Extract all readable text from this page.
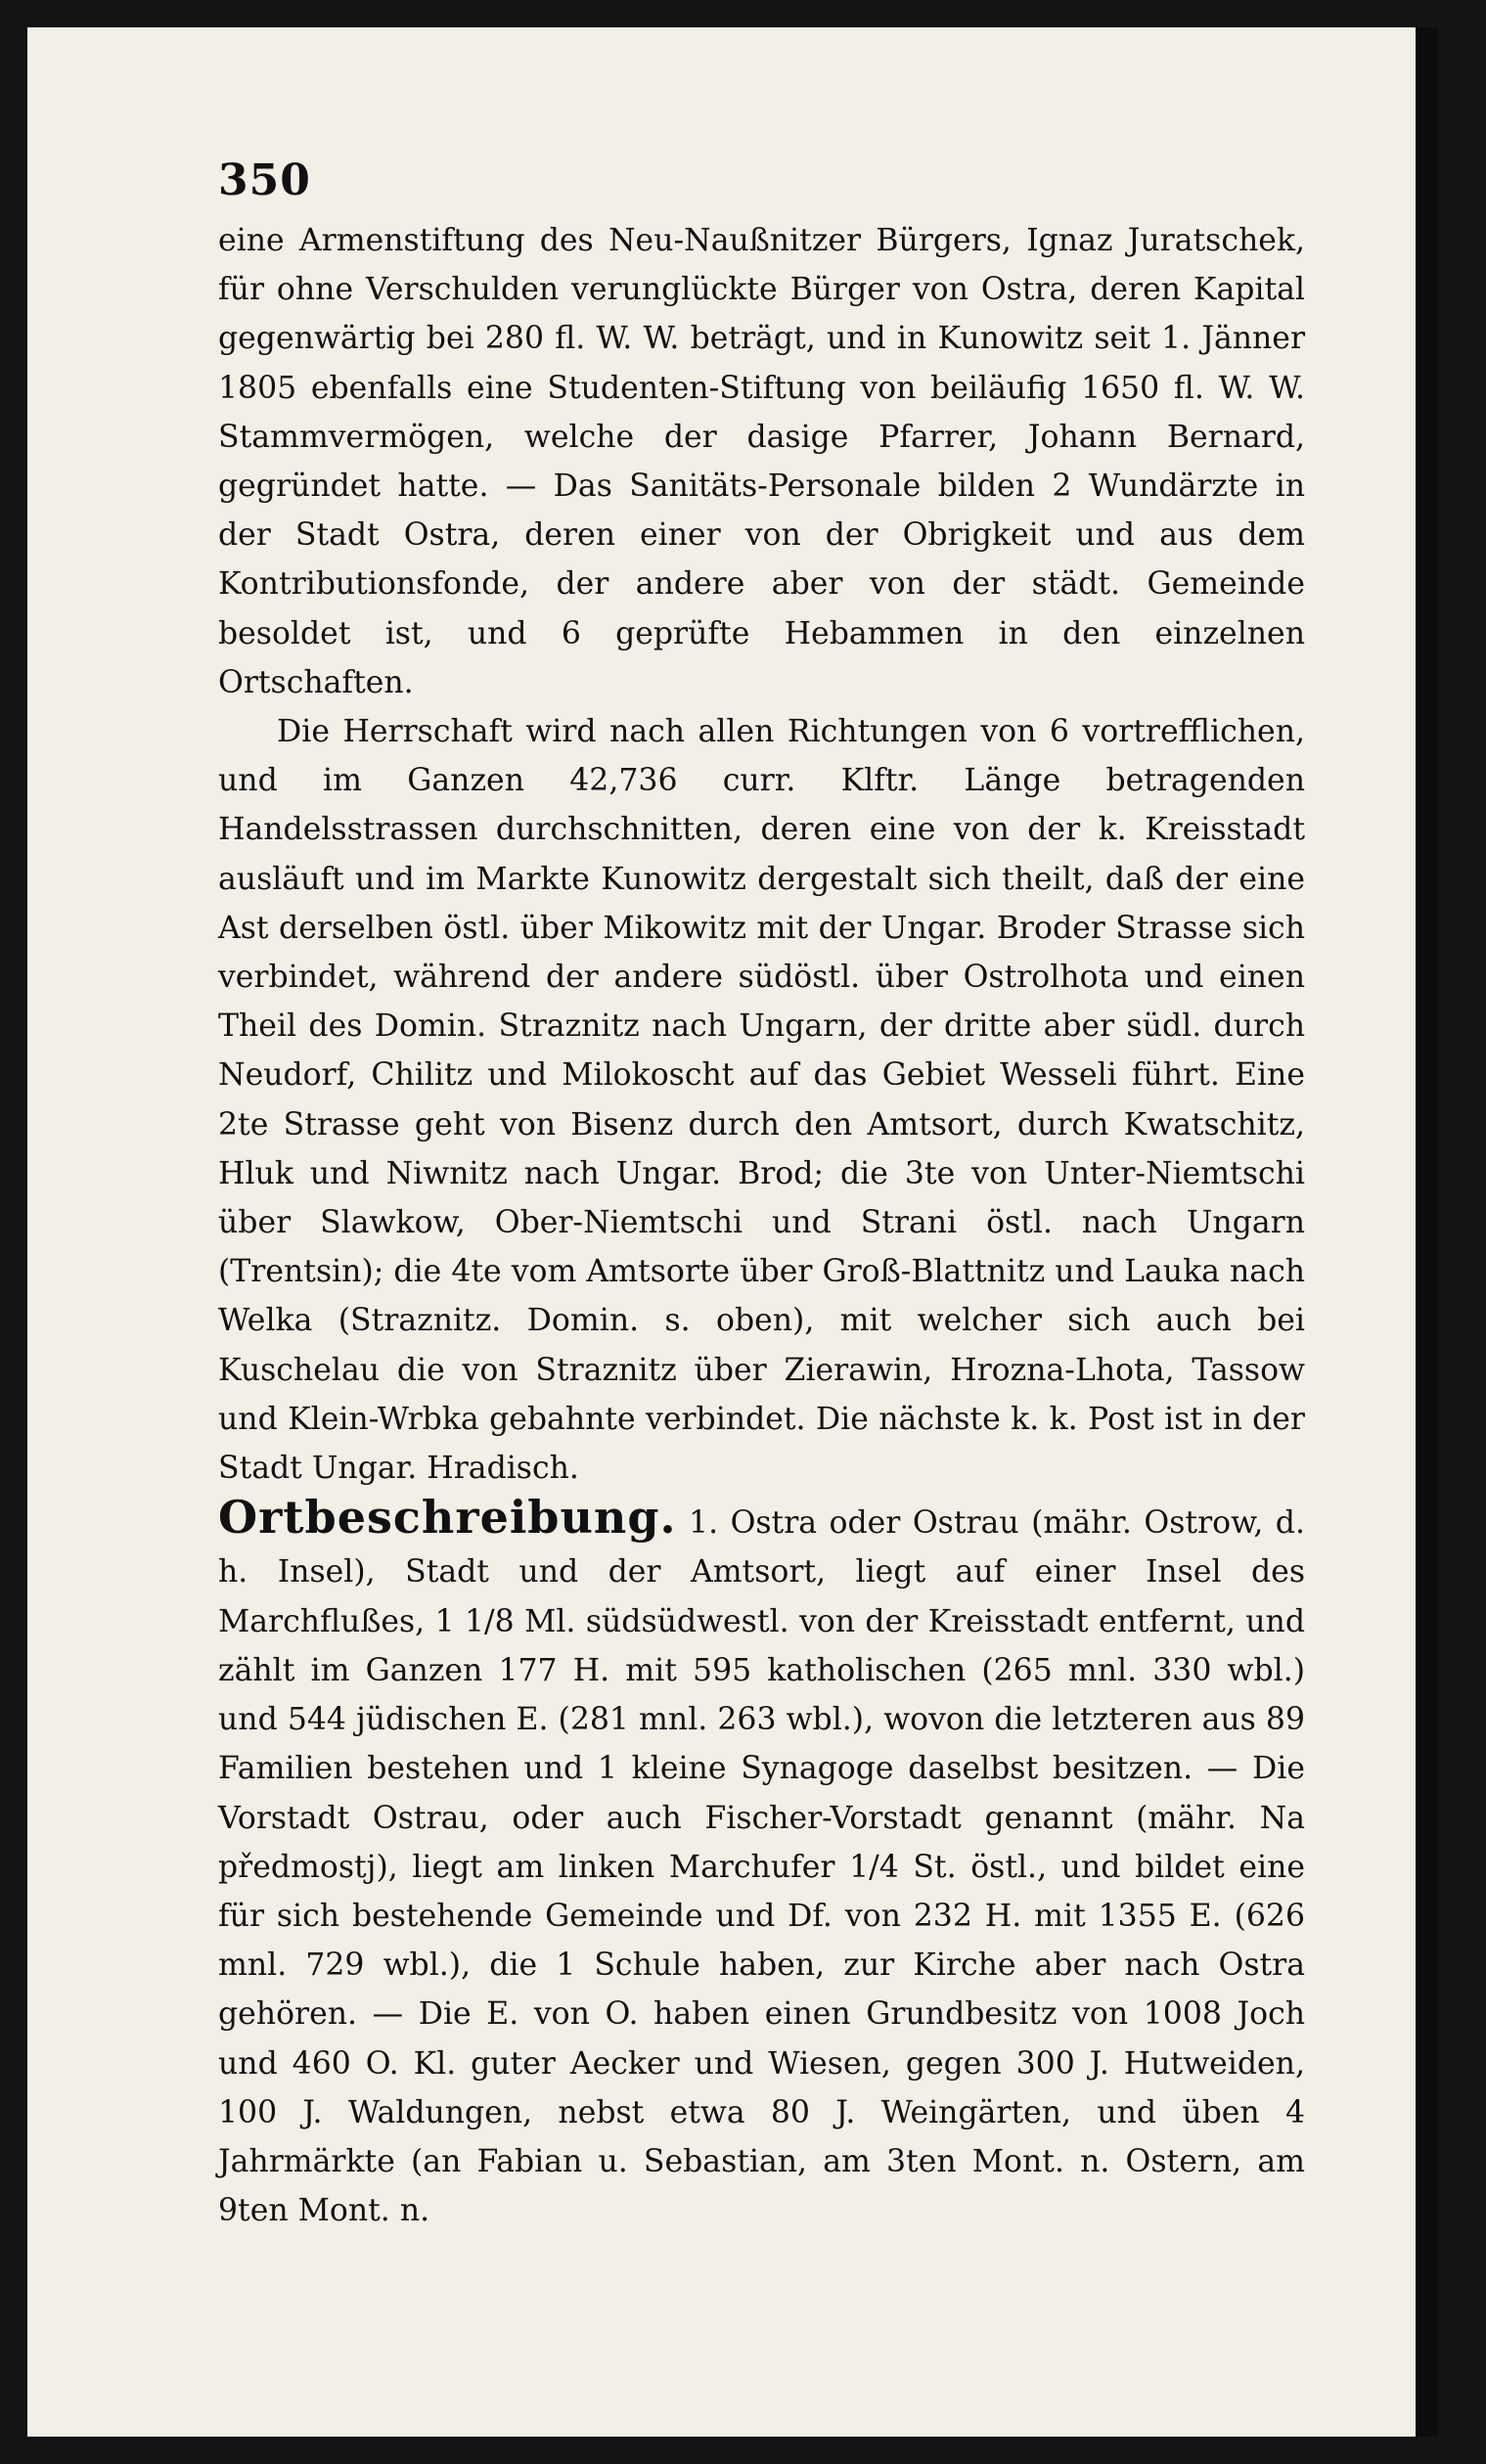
350

eine Armenstiftung des Neu-Naußnitzer Bürgers, Ignaz Juratschek, für ohne Verschulden verunglückte Bürger von Ostra, deren Kapital gegenwärtig bei 280 fl. W. W. beträgt, und in Kunowitz seit 1. Jänner 1805 ebenfalls eine Studenten-Stiftung von beiläufig 1650 fl. W. W. Stammvermögen, welche der dasige Pfarrer, Johann Bernard, gegründet hatte. — Das Sanitäts-Personale bilden 2 Wundärzte in der Stadt Ostra, deren einer von der Obrigkeit und aus dem Kontributionsfonde, der andere aber von der städt. Gemeinde besoldet ist, und 6 geprüfte Hebammen in den einzelnen Ortschaften.

Die Herrschaft wird nach allen Richtungen von 6 vortrefflichen, und im Ganzen 42,736 curr. Klftr. Länge betragenden Handelsstrassen durchschnitten, deren eine von der k. Kreisstadt ausläuft und im Markte Kunowitz dergestalt sich theilt, daß der eine Ast derselben östl. über Mikowitz mit der Ungar. Broder Strasse sich verbindet, während der andere südöstl. über Ostrolhota und einen Theil des Domin. Straznitz nach Ungarn, der dritte aber südl. durch Neudorf, Chilitz und Milokoscht auf das Gebiet Wesseli führt. Eine 2te Strasse geht von Bisenz durch den Amtsort, durch Kwatschitz, Hluk und Niwnitz nach Ungar. Brod; die 3te von Unter-Niemtschi über Slawkow, Ober-Niemtschi und Strani östl. nach Ungarn (Trentsin); die 4te vom Amtsorte über Groß-Blattnitz und Lauka nach Welka (Straznitz. Domin. s. oben), mit welcher sich auch bei Kuschelau die von Straznitz über Zierawin, Hrozna-Lhota, Tassow und Klein-Wrbka gebahnte verbindet. Die nächste k. k. Post ist in der Stadt Ungar. Hradisch.

Ortbeschreibung. 1. Ostra oder Ostrau (mähr. Ostrow, d. h. Insel), Stadt und der Amtsort, liegt auf einer Insel des Marchflußes, 1 1/8 Ml. südsüdwestl. von der Kreisstadt entfernt, und zählt im Ganzen 177 H. mit 595 katholischen (265 mnl. 330 wbl.) und 544 jüdischen E. (281 mnl. 263 wbl.), wovon die letzteren aus 89 Familien bestehen und 1 kleine Synagoge daselbst besitzen. — Die Vorstadt Ostrau, oder auch Fischer-Vorstadt genannt (mähr. Na předmostj), liegt am linken Marchufer 1/4 St. östl., und bildet eine für sich bestehende Gemeinde und Df. von 232 H. mit 1355 E. (626 mnl. 729 wbl.), die 1 Schule haben, zur Kirche aber nach Ostra gehören. — Die E. von O. haben einen Grundbesitz von 1008 Joch und 460 O. Kl. guter Aecker und Wiesen, gegen 300 J. Hutweiden, 100 J. Waldungen, nebst etwa 80 J. Weingärten, und üben 4 Jahrmärkte (an Fabian u. Sebastian, am 3ten Mont. n. Ostern, am 9ten Mont. n.
